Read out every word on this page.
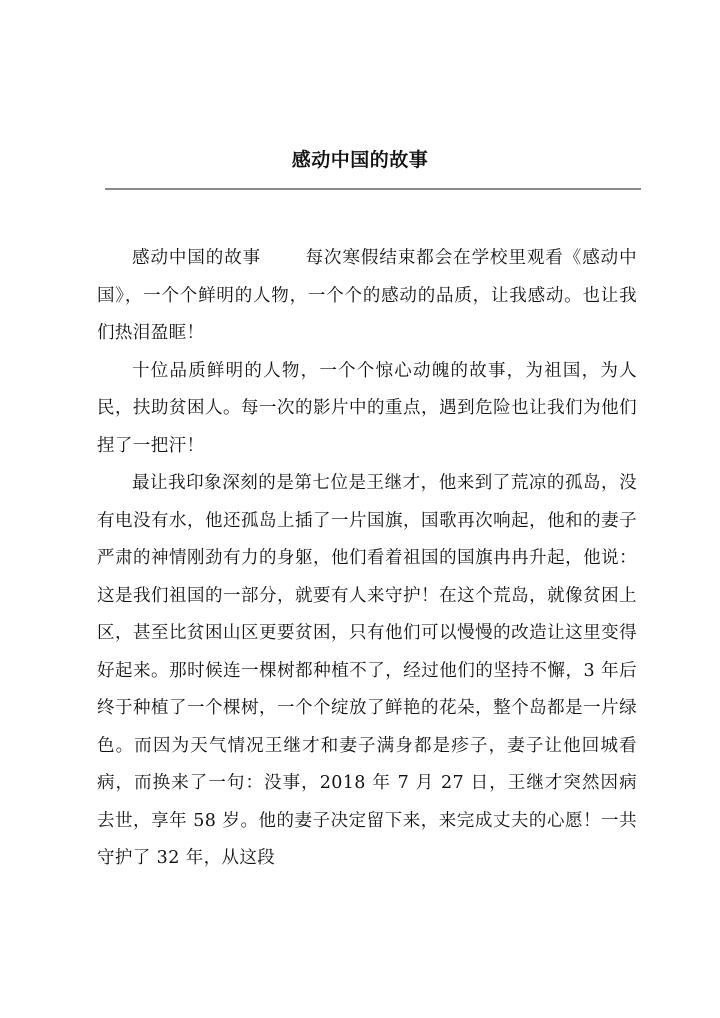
感动中国的故事

感动中国的故事	每次寒假结束都会在学校里观看《感动中国》，一个个鲜明的人物，一个个的感动的品质，让我感动。也让我们热泪盈眶！

十位品质鲜明的人物，一个个惊心动魄的故事，为祖国，为人民，扶助贫困人。每一次的影片中的重点，遇到危险也让我们为他们捏了一把汗！

最让我印象深刻的是第七位是王继才，他来到了荒凉的孤岛，没有电没有水，他还孤岛上插了一片国旗，国歌再次响起，他和的妻子严肃的神情刚劲有力的身躯，他们看着祖国的国旗冉冉升起，他说：这是我们祖国的一部分，就要有人来守护！在这个荒岛，就像贫困上区，甚至比贫困山区更要贫困，只有他们可以慢慢的改造让这里变得好起来。那时候连一棵树都种植不了，经过他们的坚持不懈，3 年后终于种植了一个棵树，一个个绽放了鲜艳的花朵，整个岛都是一片绿色。而因为天气情况王继才和妻子满身都是疹子，妻子让他回城看病，而换来了一句：没事，2018 年 7 月 27 日，王继才突然因病去世，享年 58 岁。他的妻子决定留下来，来完成丈夫的心愿！一共守护了 32 年，从这段
